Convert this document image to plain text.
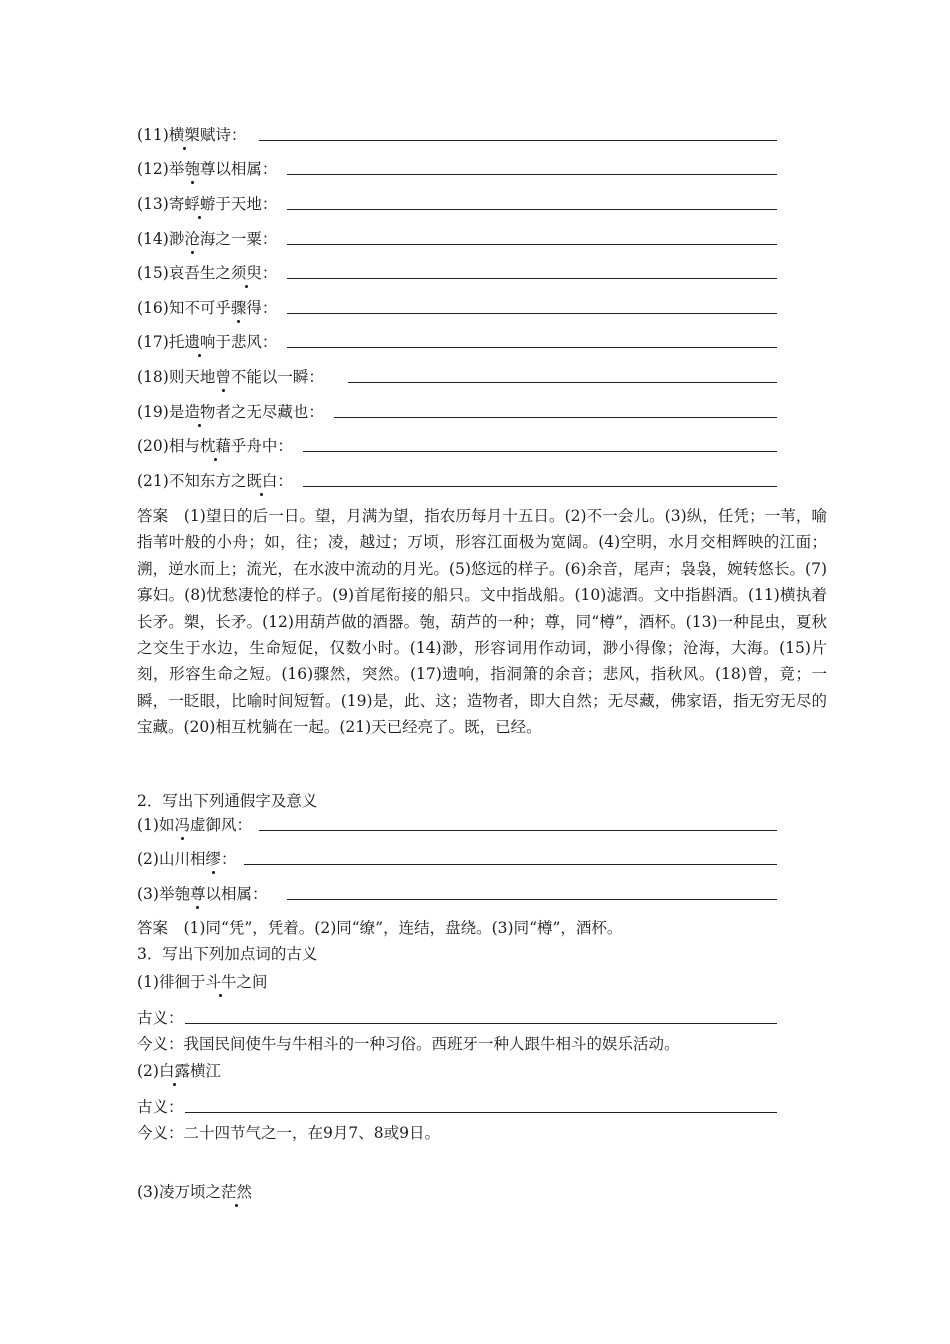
(11)横槊赋诗：
(12)举匏尊以相属：
(13)寄蜉蝣于天地：
(14)渺沧海之一粟：
(15)哀吾生之须臾：
(16)知不可乎骤得：
(17)托遗响于悲风：
(18)则天地曾不能以一瞬：
(19)是造物者之无尽藏也：
(20)相与枕藉乎舟中：
(21)不知东方之既白：
答案　(1)望日的后一日。望，月满为望，指农历每月十五日。(2)不一会儿。(3)纵，任凭；一苇，喻指苇叶般的小舟；如，往；凌，越过；万顷，形容江面极为宽阔。(4)空明，水月交相辉映的江面；溯，逆水而上；流光，在水波中流动的月光。(5)悠远的样子。(6)余音，尾声；袅袅，婉转悠长。(7)寡妇。(8)忧愁凄怆的样子。(9)首尾衔接的船只。文中指战船。(10)滤酒。文中指斟酒。(11)横执着长矛。槊，长矛。(12)用葫芦做的酒器。匏，葫芦的一种；尊，同“樽”，酒杯。(13)一种昆虫，夏秋之交生于水边，生命短促，仅数小时。(14)渺，形容词用作动词，渺小得像；沧海，大海。(15)片刻，形容生命之短。(16)骤然，突然。(17)遗响，指洞箫的余音；悲风，指秋风。(18)曾，竟；一瞬，一眨眼，比喻时间短暂。(19)是，此、这；造物者，即大自然；无尽藏，佛家语，指无穷无尽的宝藏。(20)相互枕躺在一起。(21)天已经亮了。既，已经。
2．写出下列通假字及意义
(1)如冯虚御风：
(2)山川相缪：
(3)举匏尊以相属：
答案　(1)同“凭”，凭着。(2)同“缭”，连结，盘绕。(3)同“樽”，酒杯。
3．写出下列加点词的古义
(1)徘徊于斗牛之间
古义：
今义：我国民间使牛与牛相斗的一种习俗。西班牙一种人跟牛相斗的娱乐活动。
(2)白露横江
古义：
今义：二十四节气之一，在9月7、8或9日。
(3)凌万顷之茫然
